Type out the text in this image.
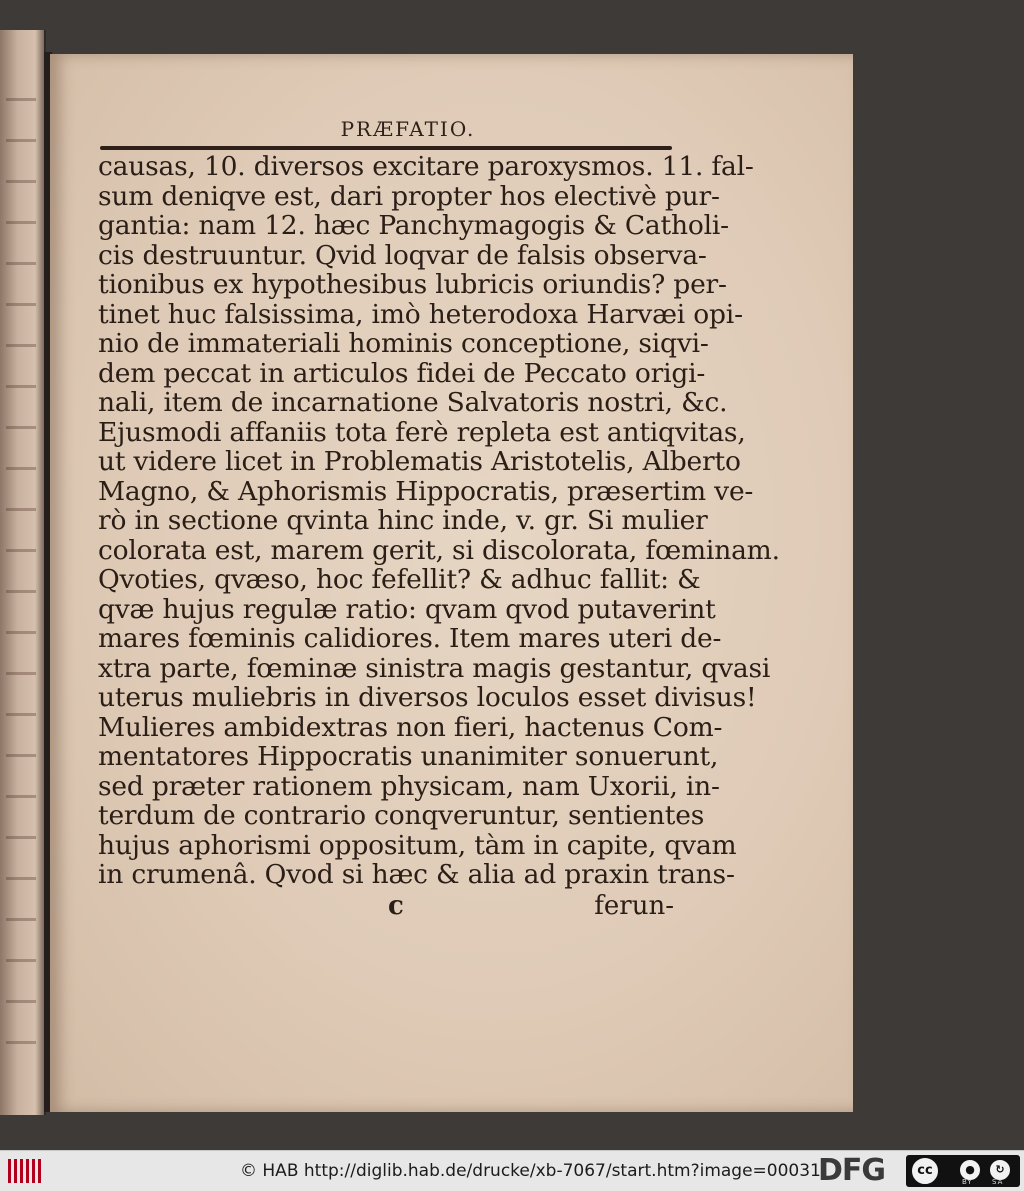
PRÆFATIO.
causas, 10. diversos excitare paroxysmos. 11. fal-
sum deniqve est, dari propter hos electivè pur-
gantia: nam 12. hæc Panchymagogis & Catholi-
cis destruuntur. Qvid loqvar de falsis observa-
tionibus ex hypothesibus lubricis oriundis? per-
tinet huc falsissima, imò heterodoxa Harvæi opi-
nio de immateriali hominis conceptione, siqvi-
dem peccat in articulos fidei de Peccato origi-
nali, item de incarnatione Salvatoris nostri, &c.
Ejusmodi affaniis tota ferè repleta est antiqvitas,
ut videre licet in Problematis Aristotelis, Alberto
Magno, & Aphorismis Hippocratis, præsertim ve-
rò in sectione qvinta hinc inde, v. gr. Si mulier
colorata est, marem gerit, si discolorata, fœminam.
Qvoties, qvæso, hoc fefellit? & adhuc fallit: &
qvæ hujus regulæ ratio: qvam qvod putaverint
mares fœminis calidiores. Item mares uteri de-
xtra parte, fœminæ sinistra magis gestantur, qvasi
uterus muliebris in diversos loculos esset divisus!
Mulieres ambidextras non fieri, hactenus Com-
mentatores Hippocratis unanimiter sonuerunt,
sed præter rationem physicam, nam Uxorii, in-
terdum de contrario conqveruntur, sentientes
hujus aphorismi oppositum, tàm in capite, qvam
in crumenâ. Qvod si hæc & alia ad praxin trans-
c	ferun-
© HAB http://diglib.hab.de/drucke/xb-7067/start.htm?image=00031
DFG	cc	●	↻
BY	SA
